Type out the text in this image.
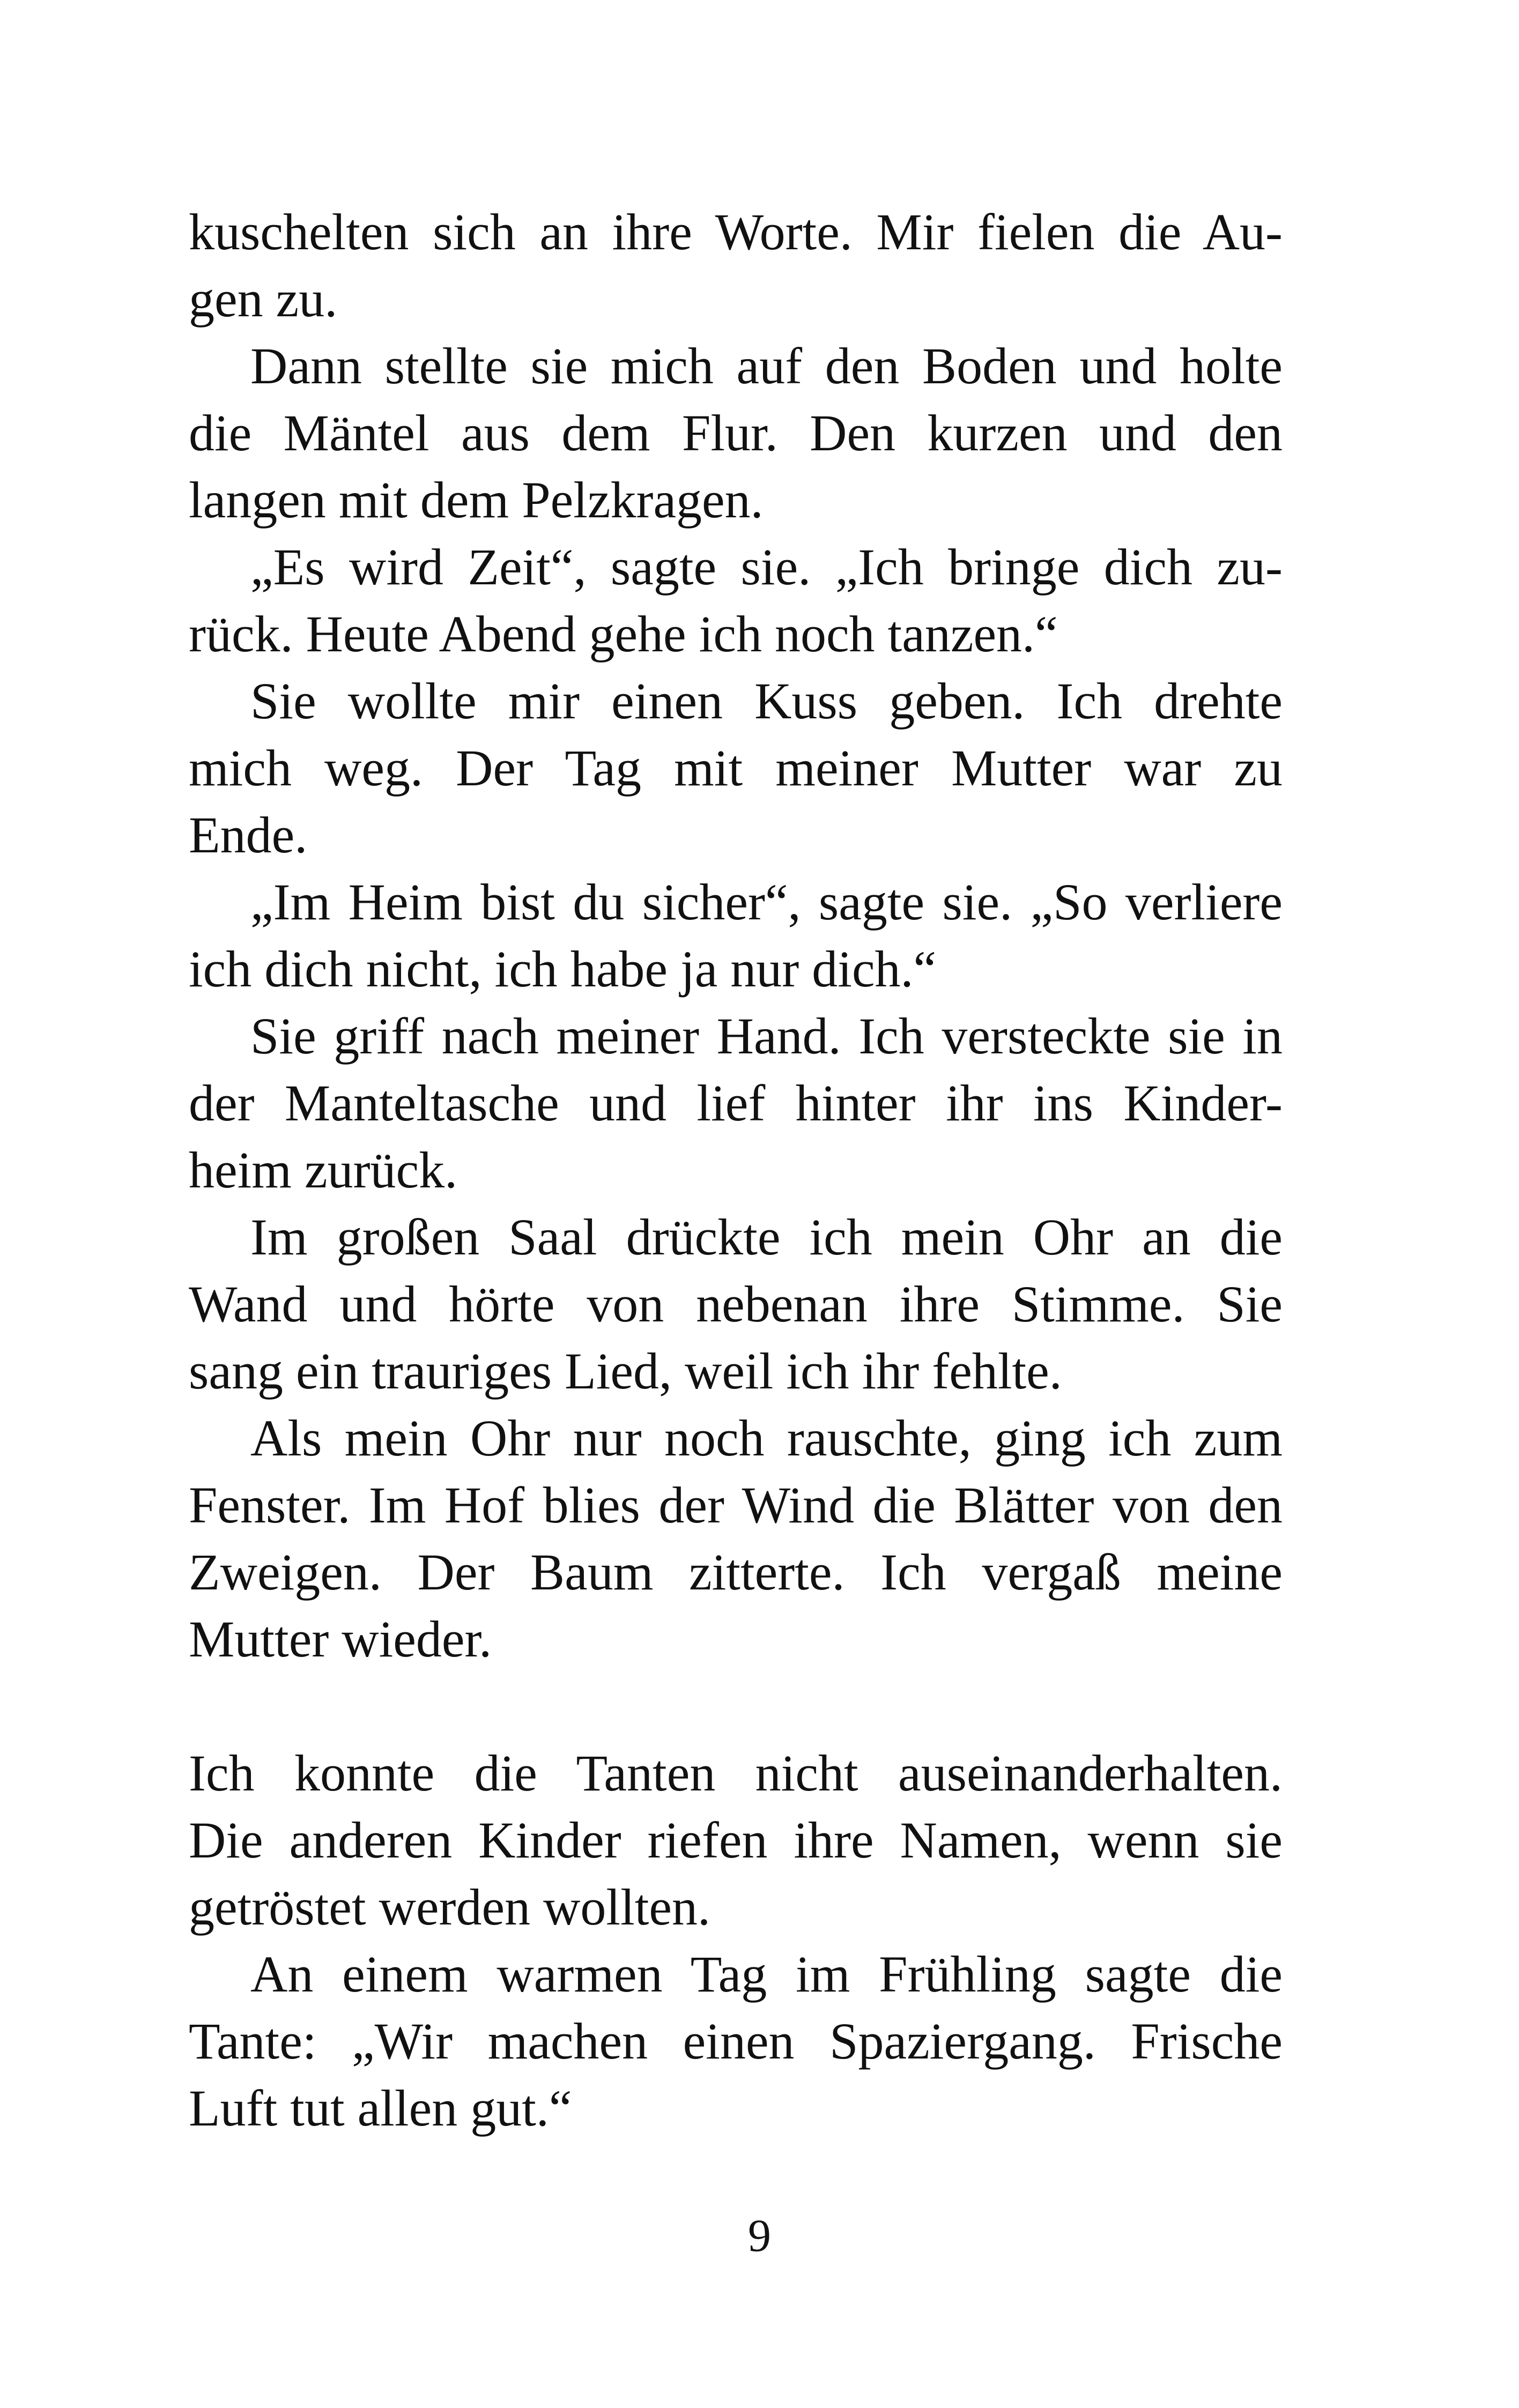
kuschelten sich an ihre Worte. Mir fielen die Au-
gen zu.
Dann stellte sie mich auf den Boden und holte
die Mäntel aus dem Flur. Den kurzen und den
langen mit dem Pelzkragen.
„Es wird Zeit“, sagte sie. „Ich bringe dich zu-
rück. Heute Abend gehe ich noch tanzen.“
Sie wollte mir einen Kuss geben. Ich drehte
mich weg. Der Tag mit meiner Mutter war zu
Ende.
„Im Heim bist du sicher“, sagte sie. „So verliere
ich dich nicht, ich habe ja nur dich.“
Sie griff nach meiner Hand. Ich versteckte sie in
der Manteltasche und lief hinter ihr ins Kinder-
heim zurück.
Im großen Saal drückte ich mein Ohr an die
Wand und hörte von nebenan ihre Stimme. Sie
sang ein trauriges Lied, weil ich ihr fehlte.
Als mein Ohr nur noch rauschte, ging ich zum
Fenster. Im Hof blies der Wind die Blätter von den
Zweigen. Der Baum zitterte. Ich vergaß meine
Mutter wieder.
Ich konnte die Tanten nicht auseinanderhalten.
Die anderen Kinder riefen ihre Namen, wenn sie
getröstet werden wollten.
An einem warmen Tag im Frühling sagte die
Tante: „Wir machen einen Spaziergang. Frische
Luft tut allen gut.“
9
